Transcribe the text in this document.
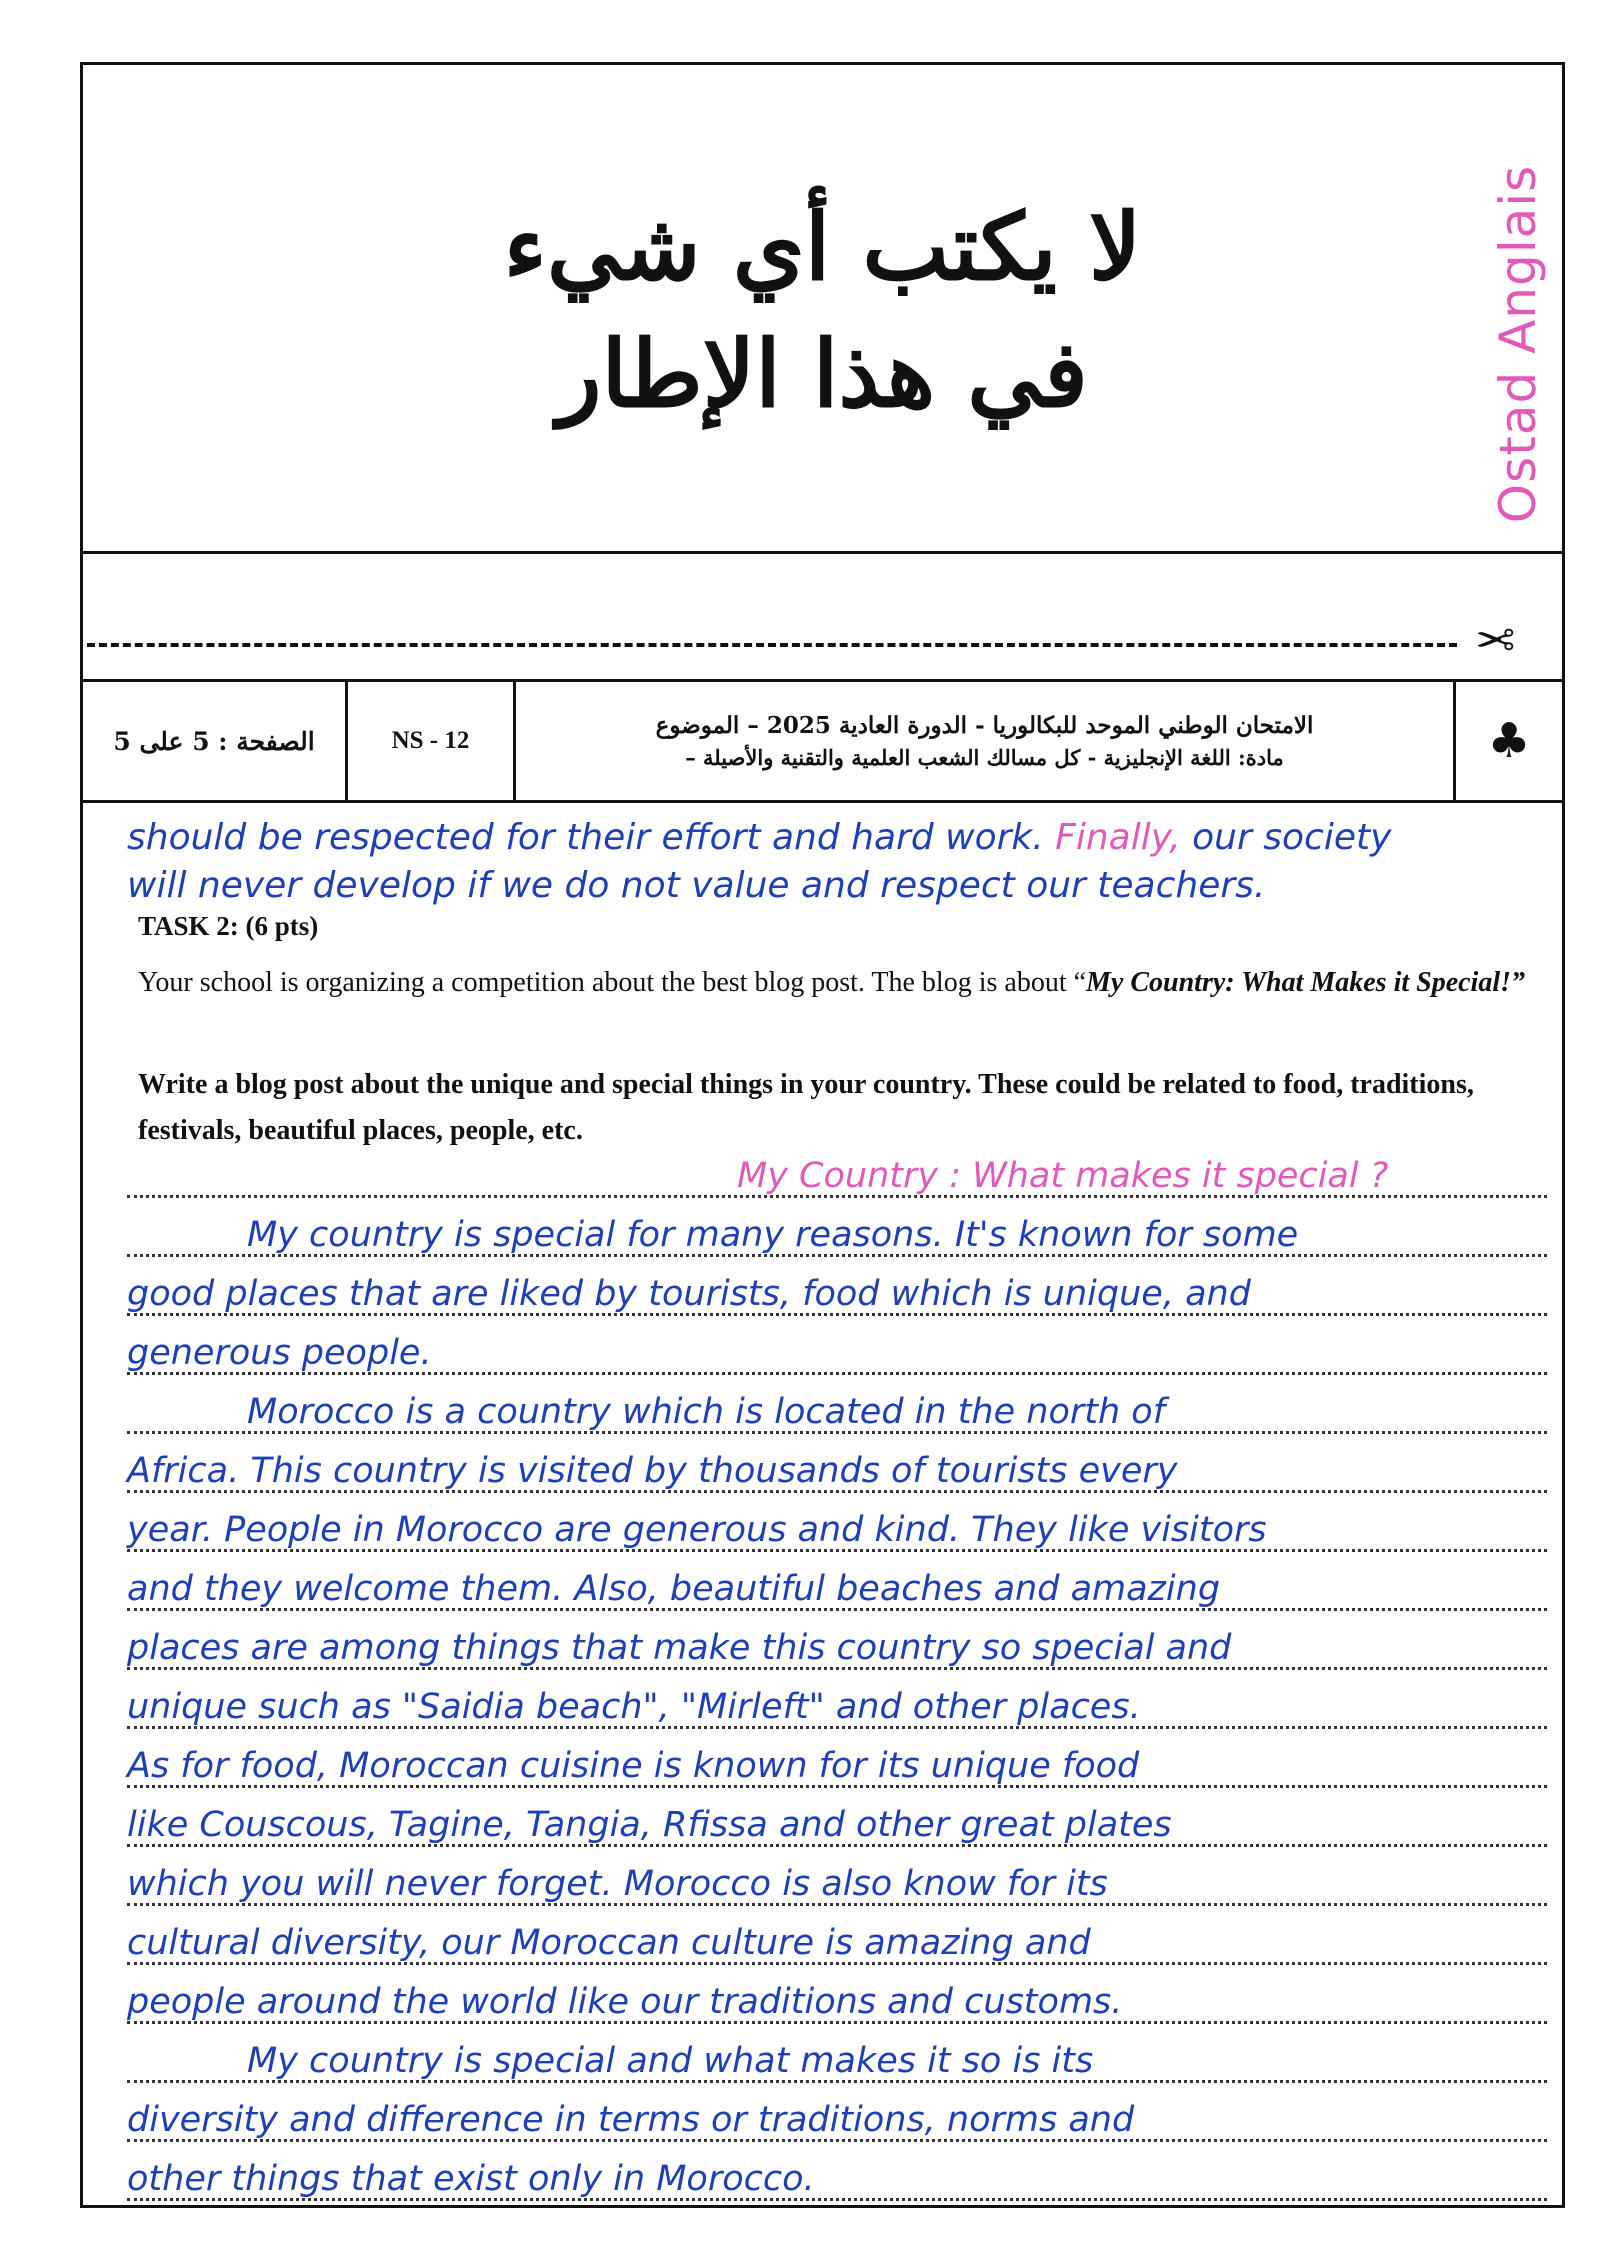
لا يكتب أي شيء
في هذا الإطار	Ostad Anglais
✂
الصفحة : 5 على 5	NS - 12
الامتحان الوطني الموحد للبكالوريا - الدورة العادية 2025 – الموضوع
مادة: اللغة الإنجليزية - كل مسالك الشعب العلمية والتقنية والأصيلة –	♣
should be respected for their effort and hard work. Finally, our society
will never develop if we do not value and respect our teachers.
TASK 2: (6 pts)
Your school is organizing a competition about the best blog post. The blog is about “My Country: What Makes it Special!”
Write a blog post about the unique and special things in your country. These could be related to food, traditions, festivals, beautiful places, people, etc.
My Country : What makes it special ?
My country is special for many reasons. It's known for some
good places that are liked by tourists, food which is unique, and
generous people.
Morocco is a country which is located in the north of
Africa. This country is visited by thousands of tourists every
year. People in Morocco are generous and kind. They like visitors
and they welcome them. Also, beautiful beaches and amazing
places are among things that make this country so special and
unique such as "Saidia beach", "Mirleft" and other places.
As for food, Moroccan cuisine is known for its unique food
like Couscous, Tagine, Tangia, Rfissa and other great plates
which you will never forget. Morocco is also know for its
cultural diversity, our Moroccan culture is amazing and
people around the world like our traditions and customs.
My country is special and what makes it so is its
diversity and difference in terms or traditions, norms and
other things that exist only in Morocco.
